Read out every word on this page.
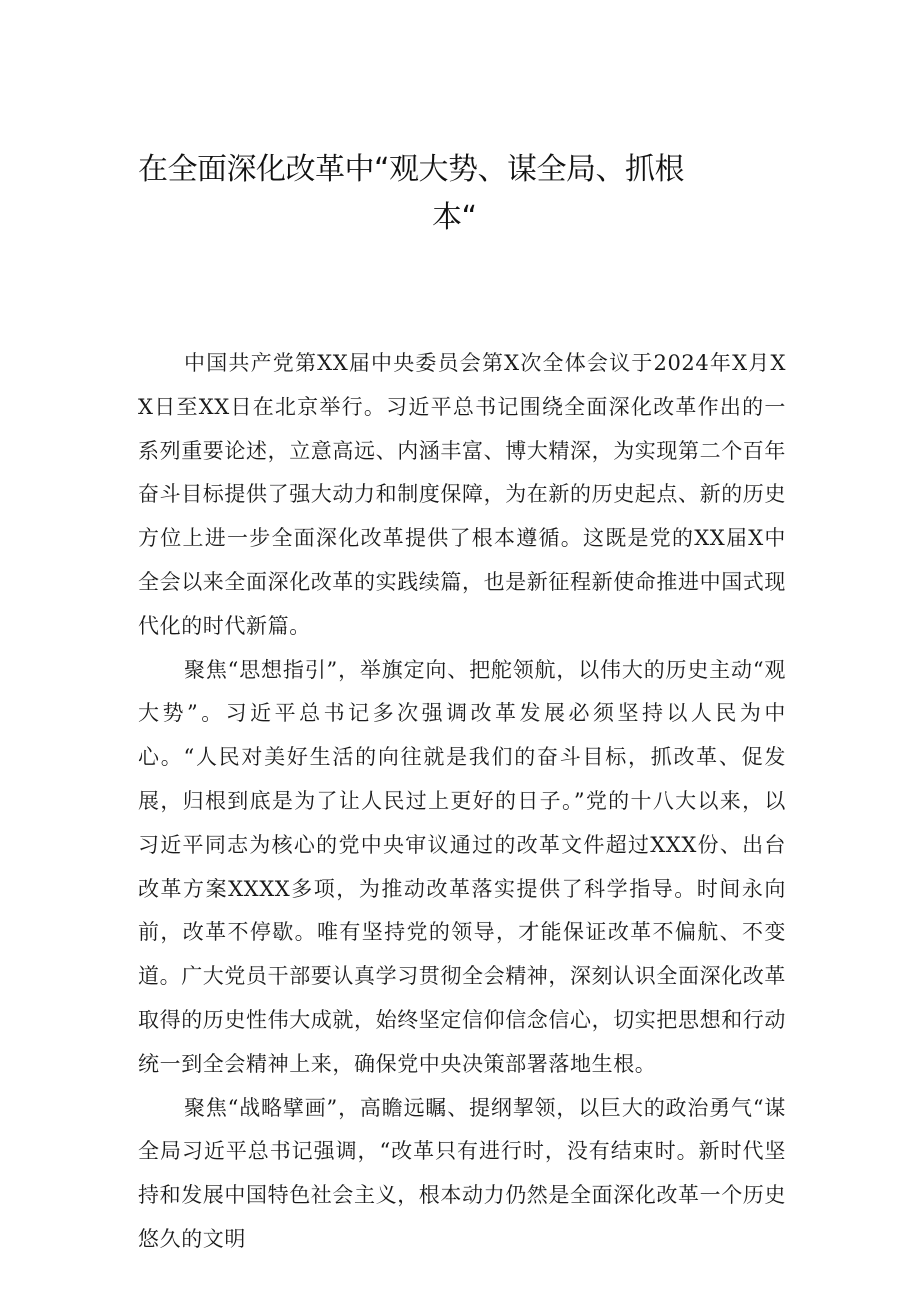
在全面深化改革中“观大势、谋全局、抓根
本“

中国共产党第XX届中央委员会第X次全体会议于2024年X月XX日至XX日在北京举行。习近平总书记围绕全面深化改革作出的一系列重要论述，立意高远、内涵丰富、博大精深，为实现第二个百年奋斗目标提供了强大动力和制度保障，为在新的历史起点、新的历史方位上进一步全面深化改革提供了根本遵循。这既是党的XX届X中全会以来全面深化改革的实践续篇，也是新征程新使命推进中国式现代化的时代新篇。

聚焦“思想指引”，举旗定向、把舵领航，以伟大的历史主动“观大势”。习近平总书记多次强调改革发展必须坚持以人民为中心。“人民对美好生活的向往就是我们的奋斗目标，抓改革、促发展，归根到底是为了让人民过上更好的日子。”党的十八大以来，以习近平同志为核心的党中央审议通过的改革文件超过XXX份、出台改革方案XXXX多项，为推动改革落实提供了科学指导。时间永向前，改革不停歇。唯有坚持党的领导，才能保证改革不偏航、不变道。广大党员干部要认真学习贯彻全会精神，深刻认识全面深化改革取得的历史性伟大成就，始终坚定信仰信念信心，切实把思想和行动统一到全会精神上来，确保党中央决策部署落地生根。

聚焦“战略擘画”，高瞻远瞩、提纲挈领，以巨大的政治勇气“谋全局习近平总书记强调，“改革只有进行时，没有结束时。新时代坚持和发展中国特色社会主义，根本动力仍然是全面深化改革一个历史悠久的文明
